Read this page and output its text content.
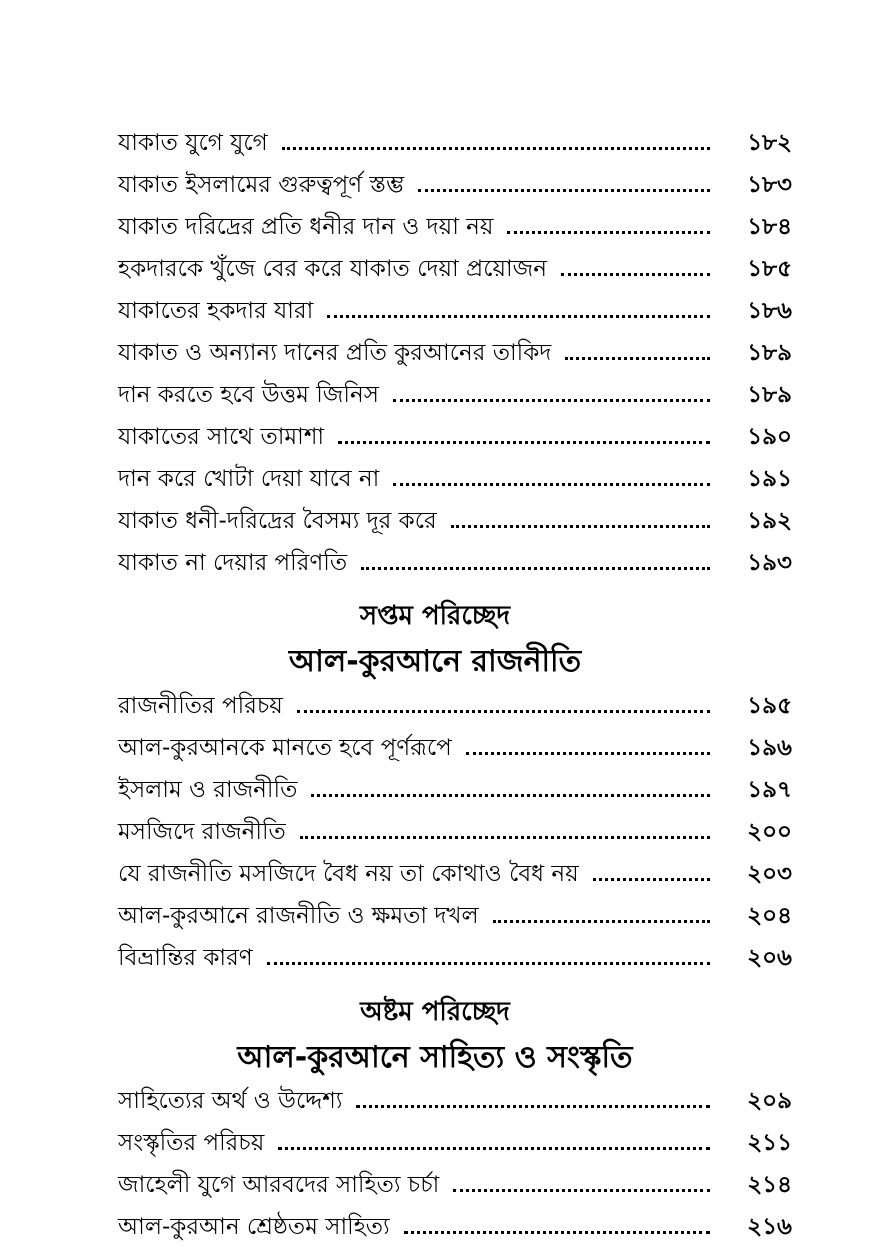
যাকাত যুগে যুগে	১৮২
যাকাত ইসলামের গুরুত্বপূর্ণ স্তম্ভ	১৮৩
যাকাত দরিদ্রের প্রতি ধনীর দান ও দয়া নয়	১৮৪
হকদারকে খুঁজে বের করে যাকাত দেয়া প্রয়োজন	১৮৫
যাকাতের হকদার যারা	১৮৬
যাকাত ও অন্যান্য দানের প্রতি কুরআনের তাকিদ	১৮৯
দান করতে হবে উত্তম জিনিস	১৮৯
যাকাতের সাথে তামাশা	১৯০
দান করে খোটা দেয়া যাবে না	১৯১
যাকাত ধনী-দরিদ্রের বৈসম্য দূর করে	১৯২
যাকাত না দেয়ার পরিণতি	১৯৩
সপ্তম পরিচ্ছেদ
আল-কুরআনে রাজনীতি
রাজনীতির পরিচয়	১৯৫
আল-কুরআনকে মানতে হবে পূর্ণরূপে	১৯৬
ইসলাম ও রাজনীতি	১৯৭
মসজিদে রাজনীতি	২০০
যে রাজনীতি মসজিদে বৈধ নয় তা কোথাও বৈধ নয়	২০৩
আল-কুরআনে রাজনীতি ও ক্ষমতা দখল	২০৪
বিভ্রান্তির কারণ	২০৬
অষ্টম পরিচ্ছেদ
আল-কুরআনে সাহিত্য ও সংস্কৃতি
সাহিত্যের অর্থ ও উদ্দেশ্য	২০৯
সংস্কৃতির পরিচয়	২১১
জাহেলী যুগে আরবদের সাহিত্য চর্চা	২১৪
আল-কুরআন শ্রেষ্ঠতম সাহিত্য	২১৬
